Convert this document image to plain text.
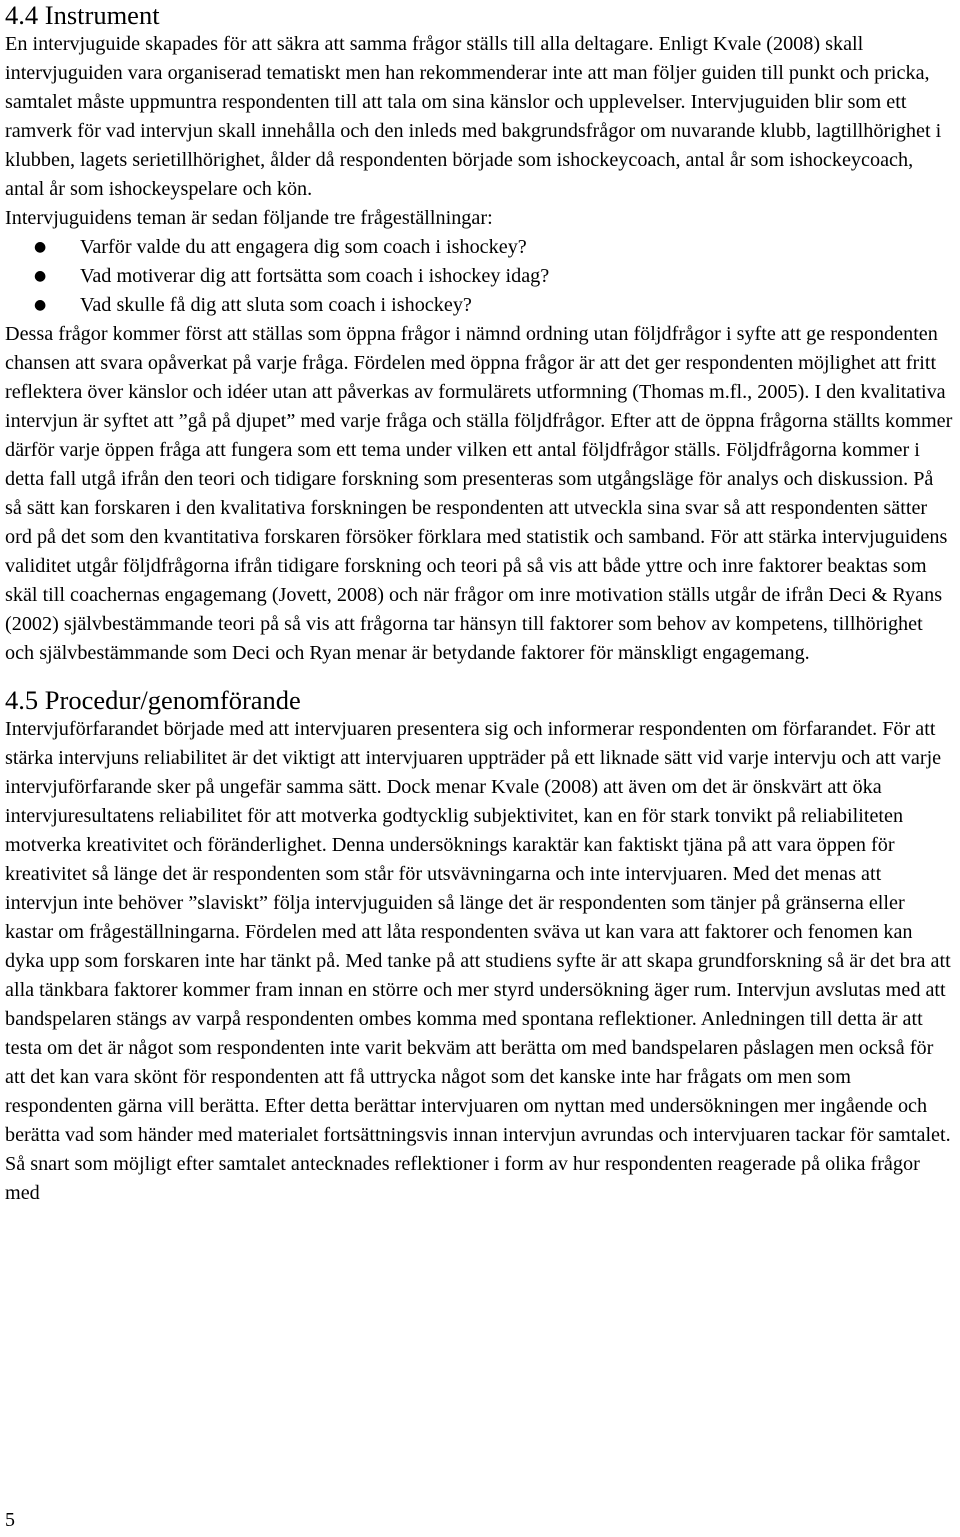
4.4 Instrument

En intervjuguide skapades för att säkra att samma frågor ställs till alla deltagare. Enligt Kvale (2008) skall intervjuguiden vara organiserad tematiskt men han rekommenderar inte att man följer guiden till punkt och pricka, samtalet måste uppmuntra respondenten till att tala om sina känslor och upplevelser. Intervjuguiden blir som ett ramverk för vad intervjun skall innehålla och den inleds med bakgrundsfrågor om nuvarande klubb, lagtillhörighet i klubben, lagets serietillhörighet, ålder då respondenten började som ishockeycoach, antal år som ishockeycoach, antal år som ishockeyspelare och kön.

Intervjuguidens teman är sedan följande tre frågeställningar:

● Varför valde du att engagera dig som coach i ishockey?
● Vad motiverar dig att fortsätta som coach i ishockey idag?
● Vad skulle få dig att sluta som coach i ishockey?

Dessa frågor kommer först att ställas som öppna frågor i nämnd ordning utan följdfrågor i syfte att ge respondenten chansen att svara opåverkat på varje fråga. Fördelen med öppna frågor är att det ger respondenten möjlighet att fritt reflektera över känslor och idéer utan att påverkas av formulärets utformning (Thomas m.fl., 2005). I den kvalitativa intervjun är syftet att ”gå på djupet” med varje fråga och ställa följdfrågor. Efter att de öppna frågorna ställts kommer därför varje öppen fråga att fungera som ett tema under vilken ett antal följdfrågor ställs. Följdfrågorna kommer i detta fall utgå ifrån den teori och tidigare forskning som presenteras som utgångsläge för analys och diskussion. På så sätt kan forskaren i den kvalitativa forskningen be respondenten att utveckla sina svar så att respondenten sätter ord på det som den kvantitativa forskaren försöker förklara med statistik och samband. För att stärka intervjuguidens validitet utgår följdfrågorna ifrån tidigare forskning och teori på så vis att både yttre och inre faktorer beaktas som skäl till coachernas engagemang (Jovett, 2008) och när frågor om inre motivation ställs utgår de ifrån Deci & Ryans (2002) självbestämmande teori på så vis att frågorna tar hänsyn till faktorer som behov av kompetens, tillhörighet och självbestämmande som Deci och Ryan menar är betydande faktorer för mänskligt engagemang.

4.5 Procedur/genomförande

Intervjuförfarandet började med att intervjuaren presentera sig och informerar respondenten om förfarandet. För att stärka intervjuns reliabilitet är det viktigt att intervjuaren uppträder på ett liknade sätt vid varje intervju och att varje intervjuförfarande sker på ungefär samma sätt. Dock menar Kvale (2008) att även om det är önskvärt att öka intervjuresultatens reliabilitet för att motverka godtycklig subjektivitet, kan en för stark tonvikt på reliabiliteten motverka kreativitet och föränderlighet. Denna undersöknings karaktär kan faktiskt tjäna på att vara öppen för kreativitet så länge det är respondenten som står för utsvävningarna och inte intervjuaren. Med det menas att intervjun inte behöver ”slaviskt” följa intervjuguiden så länge det är respondenten som tänjer på gränserna eller kastar om frågeställningarna. Fördelen med att låta respondenten sväva ut kan vara att faktorer och fenomen kan dyka upp som forskaren inte har tänkt på. Med tanke på att studiens syfte är att skapa grundforskning så är det bra att alla tänkbara faktorer kommer fram innan en större och mer styrd undersökning äger rum. Intervjun avslutas med att bandspelaren stängs av varpå respondenten ombes komma med spontana reflektioner. Anledningen till detta är att testa om det är något som respondenten inte varit bekväm att berätta om med bandspelaren påslagen men också för att det kan vara skönt för respondenten att få uttrycka något som det kanske inte har frågats om men som respondenten gärna vill berätta. Efter detta berättar intervjuaren om nyttan med undersökningen mer ingående och berätta vad som händer med materialet fortsättningsvis innan intervjun avrundas och intervjuaren tackar för samtalet. Så snart som möjligt efter samtalet antecknades reflektioner i form av hur respondenten reagerade på olika frågor med

5
